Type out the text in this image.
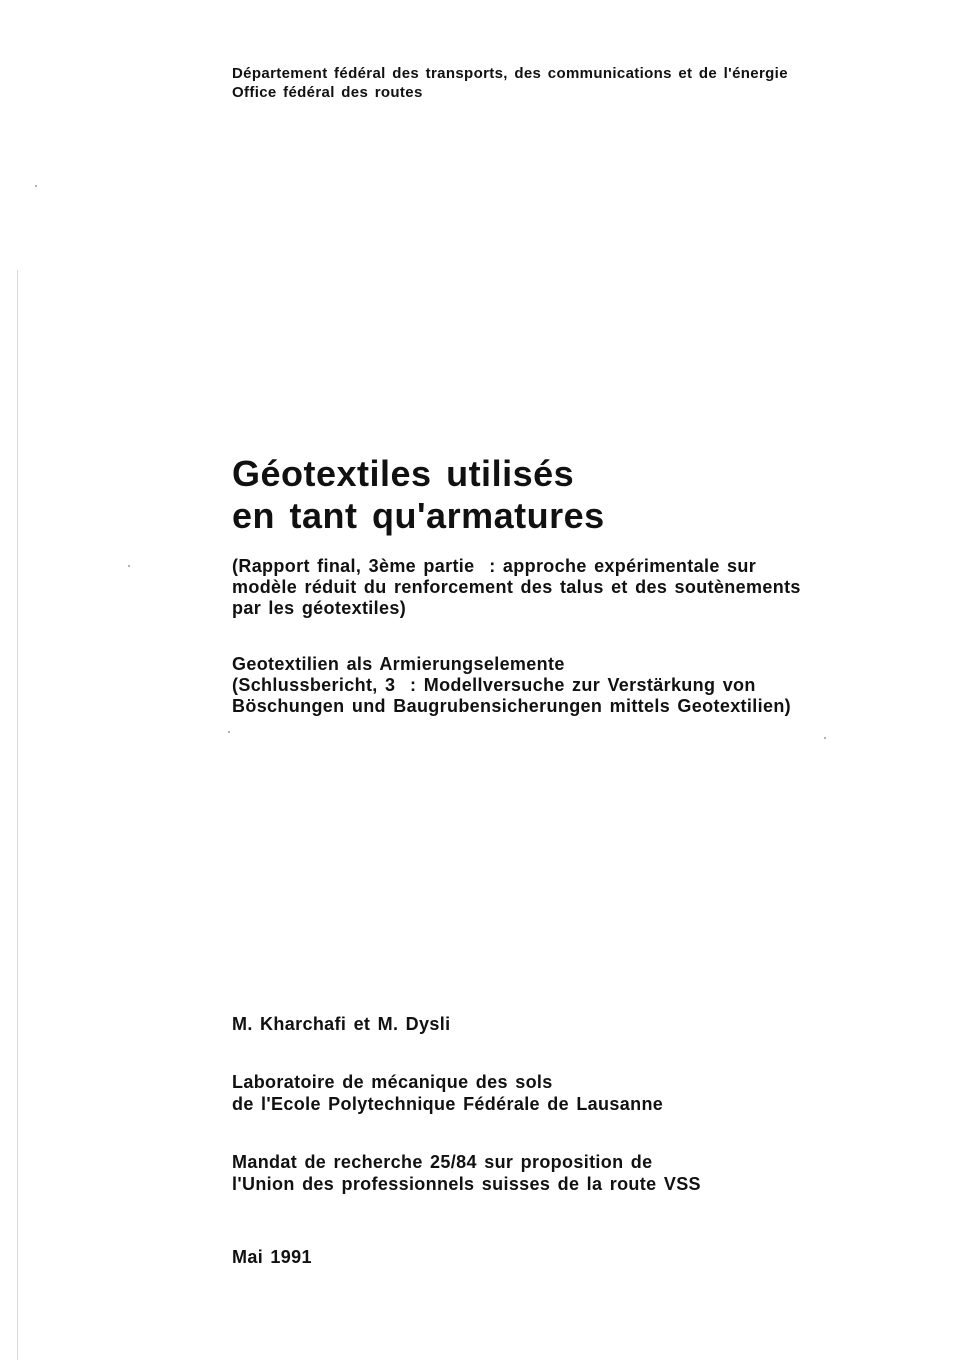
Département fédéral des transports, des communications et de l'énergie
Office fédéral des routes
Géotextiles utilisés
en tant qu'armatures
(Rapport final, 3ème partie  : approche expérimentale sur
modèle réduit du renforcement des talus et des soutènements
par les géotextiles)
Geotextilien als Armierungselemente
(Schlussbericht, 3  : Modellversuche zur Verstärkung von
Böschungen und Baugrubensicherungen mittels Geotextilien)
M. Kharchafi et M. Dysli
Laboratoire de mécanique des sols
de l'Ecole Polytechnique Fédérale de Lausanne
Mandat de recherche 25/84 sur proposition de
l'Union des professionnels suisses de la route VSS
Mai 1991
